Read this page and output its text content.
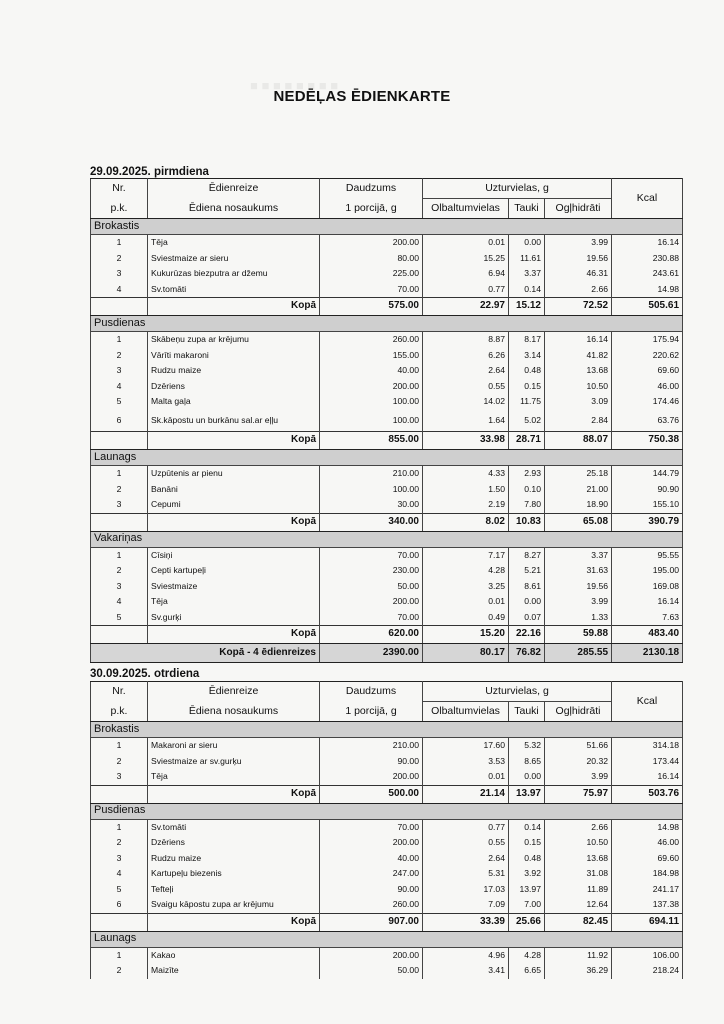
■ ■ ■ ■ ■ ■ ■ ■
NEDĒĻAS ĒDIENKARTE
29.09.2025. pirmdiena
Nr.	Ēdienreize	Daudzums	Uzturvielas, g			Kcal
p.k.	Ēdiena nosaukums	1 porcijā, g	Olbaltumvielas	Tauki	Ogļhidrāti	
Brokastis						
1	Tēja	200.00	0.01	0.00	3.99	16.14
2	Sviestmaize ar sieru	80.00	15.25	11.61	19.56	230.88
3	Kukurūzas biezputra ar džemu	225.00	6.94	3.37	46.31	243.61
4	Sv.tomāti	70.00	0.77	0.14	2.66	14.98
	Kopā	575.00	22.97	15.12	72.52	505.61
Pusdienas						
1	Skābeņu zupa ar krējumu	260.00	8.87	8.17	16.14	175.94
2	Vārīti makaroni	155.00	6.26	3.14	41.82	220.62
3	Rudzu maize	40.00	2.64	0.48	13.68	69.60
4	Dzēriens	200.00	0.55	0.15	10.50	46.00
5	Malta gaļa	100.00	14.02	11.75	3.09	174.46
6	Sk.kāpostu un burkānu sal.ar eļļu	100.00	1.64	5.02	2.84	63.76
	Kopā	855.00	33.98	28.71	88.07	750.38
Launags						
1	Uzpūtenis ar pienu	210.00	4.33	2.93	25.18	144.79
2	Banāni	100.00	1.50	0.10	21.00	90.90
3	Cepumi	30.00	2.19	7.80	18.90	155.10
	Kopā	340.00	8.02	10.83	65.08	390.79
Vakariņas						
1	Cīsiņi	70.00	7.17	8.27	3.37	95.55
2	Cepti kartupeļi	230.00	4.28	5.21	31.63	195.00
3	Sviestmaize	50.00	3.25	8.61	19.56	169.08
4	Tēja	200.00	0.01	0.00	3.99	16.14
5	Sv.gurķi	70.00	0.49	0.07	1.33	7.63
	Kopā	620.00	15.20	22.16	59.88	483.40
Kopā - 4 ēdienreizes		2390.00	80.17	76.82	285.55	2130.18
30.09.2025. otrdiena
Nr.	Ēdienreize	Daudzums	Uzturvielas, g			Kcal
p.k.	Ēdiena nosaukums	1 porcijā, g	Olbaltumvielas	Tauki	Ogļhidrāti	
Brokastis						
1	Makaroni ar sieru	210.00	17.60	5.32	51.66	314.18
2	Sviestmaize ar sv.gurķu	90.00	3.53	8.65	20.32	173.44
3	Tēja	200.00	0.01	0.00	3.99	16.14
	Kopā	500.00	21.14	13.97	75.97	503.76
Pusdienas						
1	Sv.tomāti	70.00	0.77	0.14	2.66	14.98
2	Dzēriens	200.00	0.55	0.15	10.50	46.00
3	Rudzu maize	40.00	2.64	0.48	13.68	69.60
4	Kartupeļu biezenis	247.00	5.31	3.92	31.08	184.98
5	Tefteļi	90.00	17.03	13.97	11.89	241.17
6	Svaigu kāpostu zupa ar krējumu	260.00	7.09	7.00	12.64	137.38
	Kopā	907.00	33.39	25.66	82.45	694.11
Launags						
1	Kakao	200.00	4.96	4.28	11.92	106.00
2	Maizīte	50.00	3.41	6.65	36.29	218.24
